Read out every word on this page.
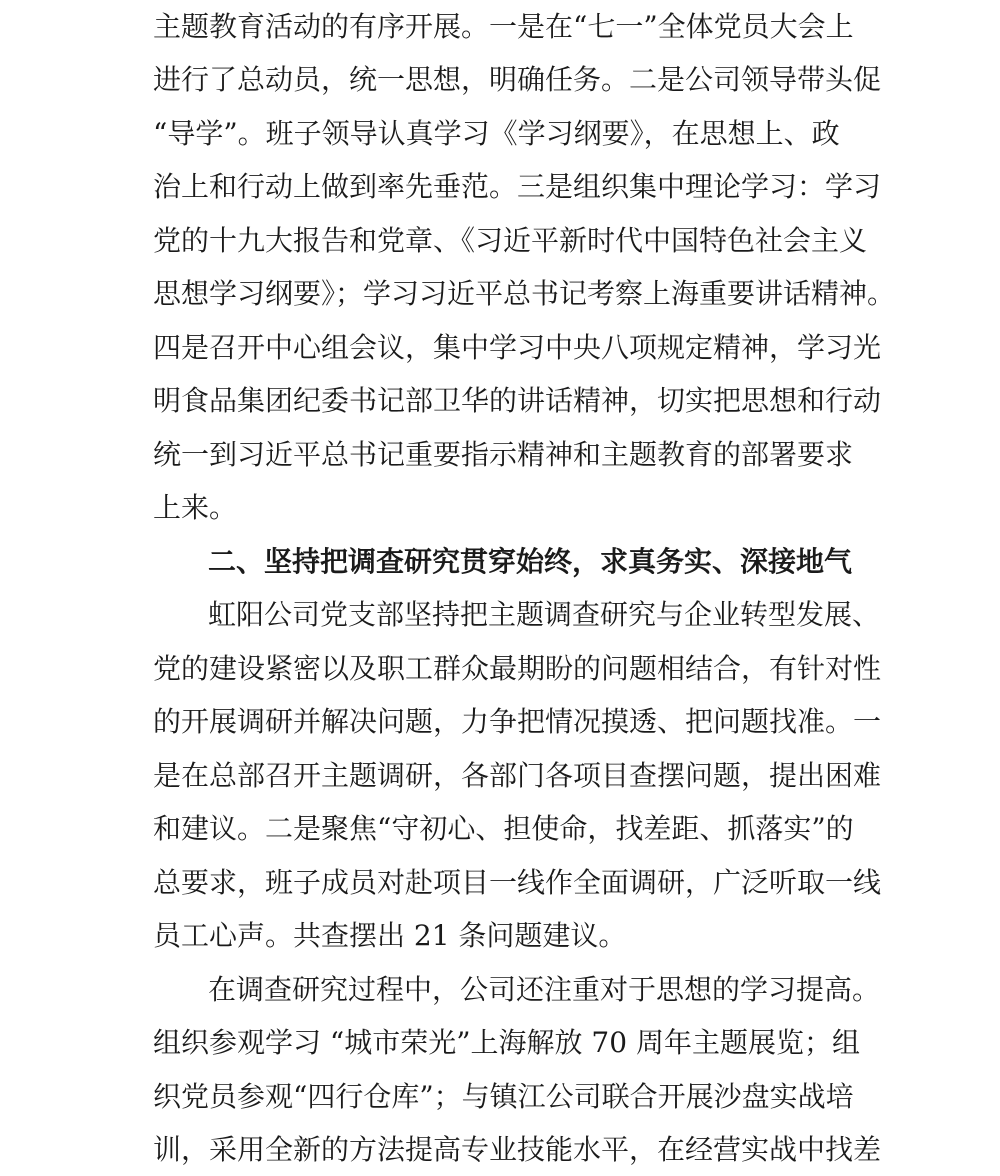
主题教育活动的有序开展。一是在“七一”全体党员大会上
进行了总动员，统一思想，明确任务。二是公司领导带头促
“导学”。班子领导认真学习《学习纲要》，在思想上、政
治上和行动上做到率先垂范。三是组织集中理论学习：学习
党的十九大报告和党章、《习近平新时代中国特色社会主义
思想学习纲要》；学习习近平总书记考察上海重要讲话精神。
四是召开中心组会议，集中学习中央八项规定精神，学习光
明食品集团纪委书记部卫华的讲话精神，切实把思想和行动
统一到习近平总书记重要指示精神和主题教育的部署要求
上来。
二、坚持把调查研究贯穿始终，求真务实、深接地气
虹阳公司党支部坚持把主题调查研究与企业转型发展、
党的建设紧密以及职工群众最期盼的问题相结合，有针对性
的开展调研并解决问题，力争把情况摸透、把问题找准。一
是在总部召开主题调研，各部门各项目查摆问题，提出困难
和建议。二是聚焦“守初心、担使命，找差距、抓落实”的
总要求，班子成员对赴项目一线作全面调研，广泛听取一线
员工心声。共查摆出 21 条问题建议。
在调查研究过程中，公司还注重对于思想的学习提高。
组织参观学习 “城市荣光”上海解放 70 周年主题展览；组
织党员参观“四行仓库”；与镇江公司联合开展沙盘实战培
训，采用全新的方法提高专业技能水平，在经营实战中找差
